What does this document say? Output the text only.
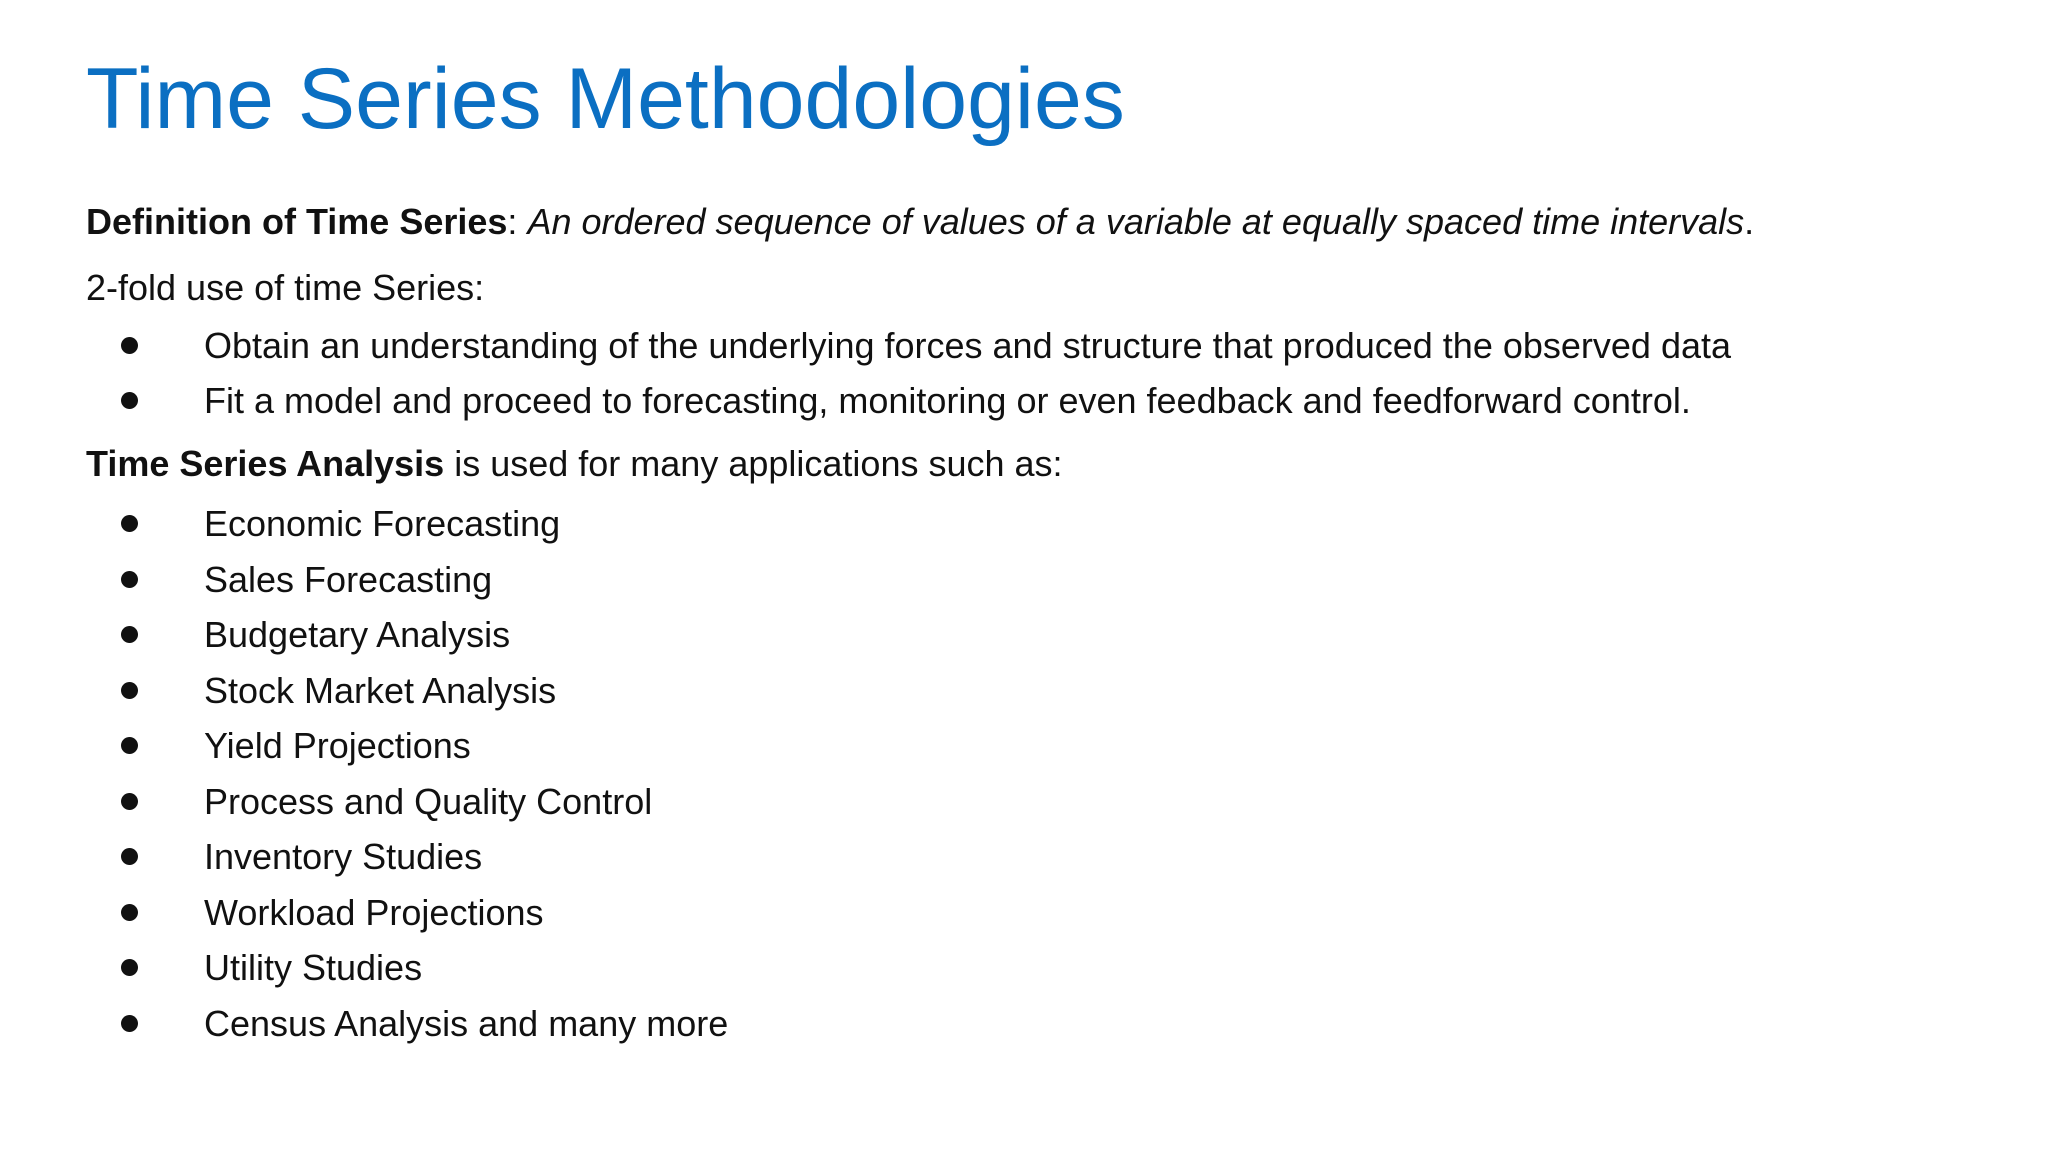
Time Series Methodologies

Definition of Time Series: An ordered sequence of values of a variable at equally spaced time intervals.

2-fold use of time Series:

Obtain an understanding of the underlying forces and structure that produced the observed data
Fit a model and proceed to forecasting, monitoring or even feedback and feedforward control.

Time Series Analysis is used for many applications such as:

Economic Forecasting
Sales Forecasting
Budgetary Analysis
Stock Market Analysis
Yield Projections
Process and Quality Control
Inventory Studies
Workload Projections
Utility Studies
Census Analysis and many more
